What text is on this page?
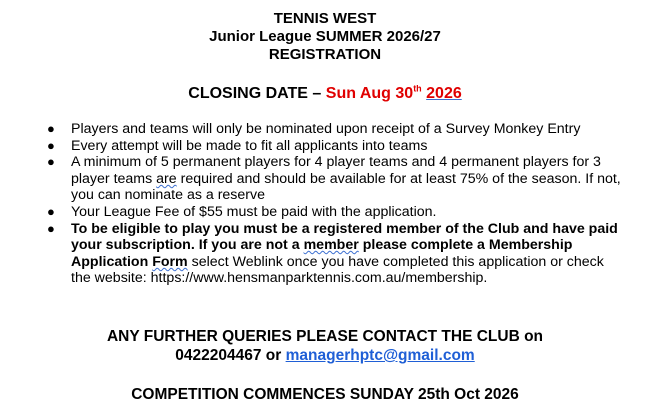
TENNIS WEST
Junior League SUMMER 2026/27
REGISTRATION
CLOSING DATE – Sun Aug 30th 2026
● Players and teams will only be nominated upon receipt of a Survey Monkey Entry
● Every attempt will be made to fit all applicants into teams
● A minimum of 5 permanent players for 4 player teams and 4 permanent players for 3 player teams are required and should be available for at least 75% of the season. If not, you can nominate as a reserve
● Your League Fee of $55 must be paid with the application.
● To be eligible to play you must be a registered member of the Club and have paid your subscription. If you are not a member please complete a Membership Application Form select Weblink once you have completed this application or check the website: https://www.hensmanparktennis.com.au/membership.
ANY FURTHER QUERIES PLEASE CONTACT THE CLUB on
0422204467 or managerhptc@gmail.com
COMPETITION COMMENCES SUNDAY 25th Oct 2026
